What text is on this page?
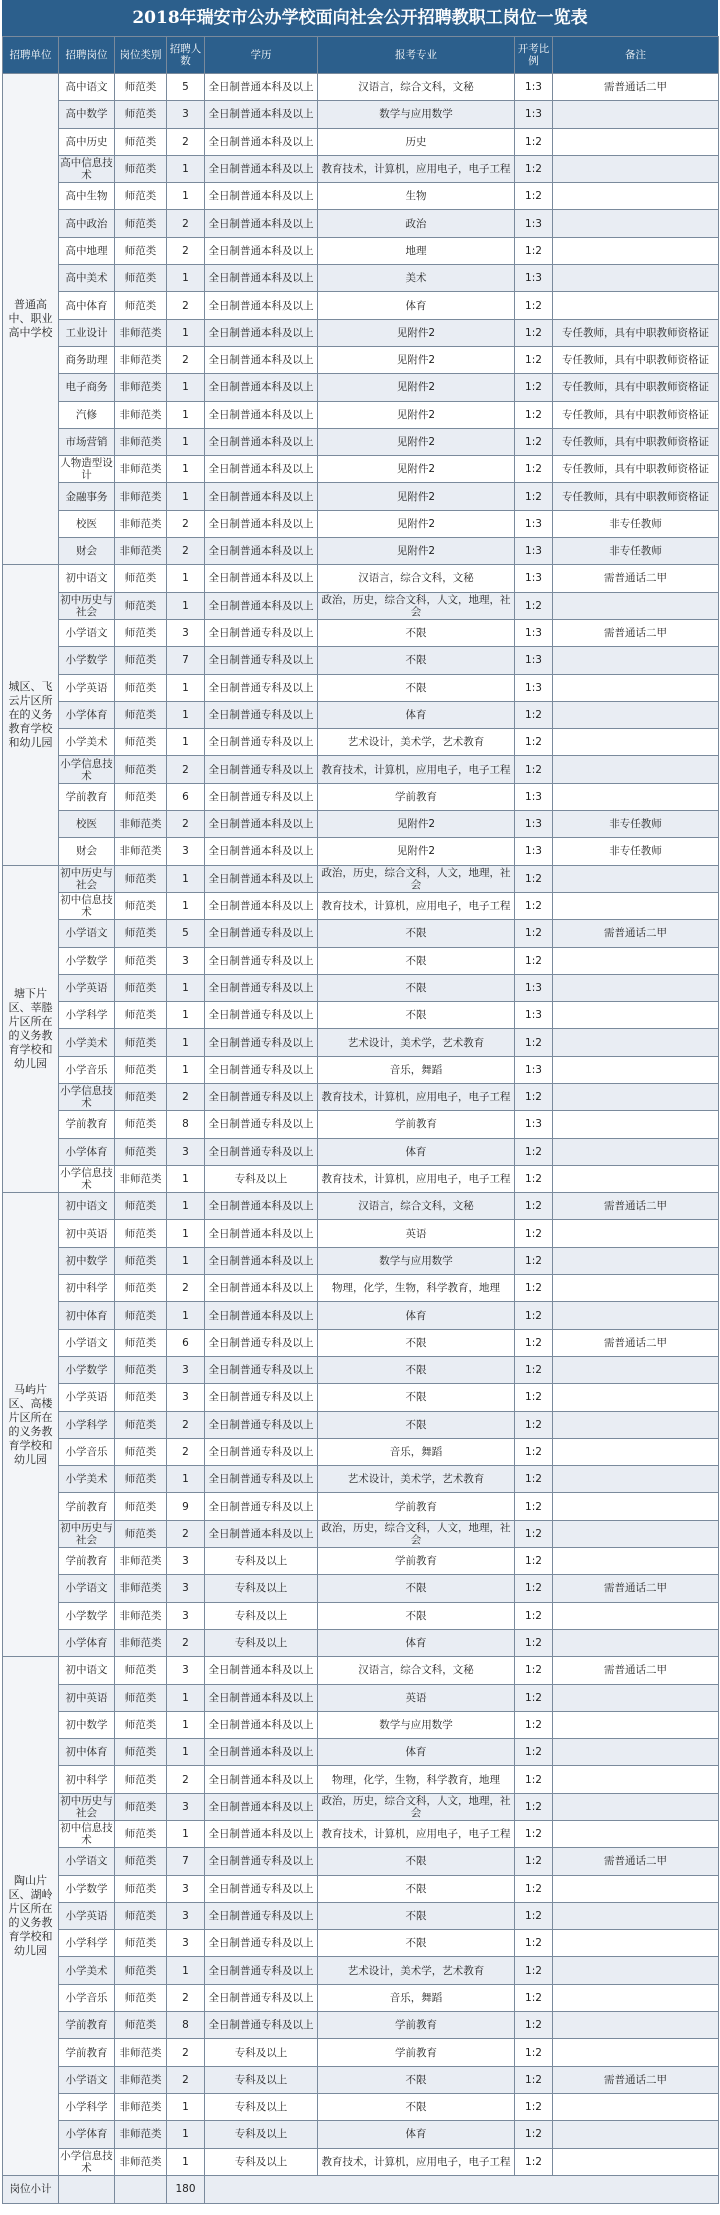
2018年瑞安市公办学校面向社会公开招聘教职工岗位一览表
招聘单位	招聘岗位	岗位类别	招聘人数	学历	报考专业	开考比例	备注
普通高中、职业高中学校	高中语文	师范类	5	全日制普通本科及以上	汉语言，综合文科，文秘	1:3	需普通话二甲
	高中数学	师范类	3	全日制普通本科及以上	数学与应用数学	1:3	
	高中历史	师范类	2	全日制普通本科及以上	历史	1:2	
	高中信息技术	师范类	1	全日制普通本科及以上	教育技术，计算机，应用电子，电子工程	1:2	
	高中生物	师范类	1	全日制普通本科及以上	生物	1:2	
	高中政治	师范类	2	全日制普通本科及以上	政治	1:3	
	高中地理	师范类	2	全日制普通本科及以上	地理	1:2	
	高中美术	师范类	1	全日制普通本科及以上	美术	1:3	
	高中体育	师范类	2	全日制普通本科及以上	体育	1:2	
	工业设计	非师范类	1	全日制普通本科及以上	见附件2	1:2	专任教师，具有中职教师资格证
	商务助理	非师范类	2	全日制普通本科及以上	见附件2	1:2	专任教师，具有中职教师资格证
	电子商务	非师范类	1	全日制普通本科及以上	见附件2	1:2	专任教师，具有中职教师资格证
	汽修	非师范类	1	全日制普通本科及以上	见附件2	1:2	专任教师，具有中职教师资格证
	市场营销	非师范类	1	全日制普通本科及以上	见附件2	1:2	专任教师，具有中职教师资格证
	人物造型设计	非师范类	1	全日制普通本科及以上	见附件2	1:2	专任教师，具有中职教师资格证
	金融事务	非师范类	1	全日制普通本科及以上	见附件2	1:2	专任教师，具有中职教师资格证
	校医	非师范类	2	全日制普通本科及以上	见附件2	1:3	非专任教师
	财会	非师范类	2	全日制普通本科及以上	见附件2	1:3	非专任教师
城区、飞云片区所在的义务教育学校和幼儿园	初中语文	师范类	1	全日制普通本科及以上	汉语言，综合文科，文秘	1:3	需普通话二甲
	初中历史与社会	师范类	1	全日制普通本科及以上	政治，历史，综合文科，人文，地理，社会	1:2	
	小学语文	师范类	3	全日制普通专科及以上	不限	1:3	需普通话二甲
	小学数学	师范类	7	全日制普通专科及以上	不限	1:3	
	小学英语	师范类	1	全日制普通专科及以上	不限	1:3	
	小学体育	师范类	1	全日制普通专科及以上	体育	1:2	
	小学美术	师范类	1	全日制普通专科及以上	艺术设计，美术学，艺术教育	1:2	
	小学信息技术	师范类	2	全日制普通专科及以上	教育技术，计算机，应用电子，电子工程	1:2	
	学前教育	师范类	6	全日制普通专科及以上	学前教育	1:3	
	校医	非师范类	2	全日制普通本科及以上	见附件2	1:3	非专任教师
	财会	非师范类	3	全日制普通本科及以上	见附件2	1:3	非专任教师
塘下片区、莘塍片区所在的义务教育学校和幼儿园	初中历史与社会	师范类	1	全日制普通本科及以上	政治，历史，综合文科，人文，地理，社会	1:2	
	初中信息技术	师范类	1	全日制普通本科及以上	教育技术，计算机，应用电子，电子工程	1:2	
	小学语文	师范类	5	全日制普通专科及以上	不限	1:2	需普通话二甲
	小学数学	师范类	3	全日制普通专科及以上	不限	1:2	
	小学英语	师范类	1	全日制普通专科及以上	不限	1:3	
	小学科学	师范类	1	全日制普通专科及以上	不限	1:3	
	小学美术	师范类	1	全日制普通专科及以上	艺术设计，美术学，艺术教育	1:2	
	小学音乐	师范类	1	全日制普通专科及以上	音乐，舞蹈	1:3	
	小学信息技术	师范类	2	全日制普通专科及以上	教育技术，计算机，应用电子，电子工程	1:2	
	学前教育	师范类	8	全日制普通专科及以上	学前教育	1:3	
	小学体育	师范类	3	全日制普通专科及以上	体育	1:2	
	小学信息技术	非师范类	1	专科及以上	教育技术，计算机，应用电子，电子工程	1:2	
马屿片区、高楼片区所在的义务教育学校和幼儿园	初中语文	师范类	1	全日制普通本科及以上	汉语言，综合文科，文秘	1:2	需普通话二甲
	初中英语	师范类	1	全日制普通本科及以上	英语	1:2	
	初中数学	师范类	1	全日制普通本科及以上	数学与应用数学	1:2	
	初中科学	师范类	2	全日制普通本科及以上	物理，化学，生物，科学教育，地理	1:2	
	初中体育	师范类	1	全日制普通本科及以上	体育	1:2	
	小学语文	师范类	6	全日制普通专科及以上	不限	1:2	需普通话二甲
	小学数学	师范类	3	全日制普通专科及以上	不限	1:2	
	小学英语	师范类	3	全日制普通专科及以上	不限	1:2	
	小学科学	师范类	2	全日制普通专科及以上	不限	1:2	
	小学音乐	师范类	2	全日制普通专科及以上	音乐，舞蹈	1:2	
	小学美术	师范类	1	全日制普通专科及以上	艺术设计，美术学，艺术教育	1:2	
	学前教育	师范类	9	全日制普通专科及以上	学前教育	1:2	
	初中历史与社会	师范类	2	全日制普通本科及以上	政治，历史，综合文科，人文，地理，社会	1:2	
	学前教育	非师范类	3	专科及以上	学前教育	1:2	
	小学语文	非师范类	3	专科及以上	不限	1:2	需普通话二甲
	小学数学	非师范类	3	专科及以上	不限	1:2	
	小学体育	非师范类	2	专科及以上	体育	1:2	
陶山片区、湖岭片区所在的义务教育学校和幼儿园	初中语文	师范类	3	全日制普通本科及以上	汉语言，综合文科，文秘	1:2	需普通话二甲
	初中英语	师范类	1	全日制普通本科及以上	英语	1:2	
	初中数学	师范类	1	全日制普通本科及以上	数学与应用数学	1:2	
	初中体育	师范类	1	全日制普通本科及以上	体育	1:2	
	初中科学	师范类	2	全日制普通本科及以上	物理，化学，生物，科学教育，地理	1:2	
	初中历史与社会	师范类	3	全日制普通本科及以上	政治，历史，综合文科，人文，地理，社会	1:2	
	初中信息技术	师范类	1	全日制普通本科及以上	教育技术，计算机，应用电子，电子工程	1:2	
	小学语文	师范类	7	全日制普通专科及以上	不限	1:2	需普通话二甲
	小学数学	师范类	3	全日制普通专科及以上	不限	1:2	
	小学英语	师范类	3	全日制普通专科及以上	不限	1:2	
	小学科学	师范类	3	全日制普通专科及以上	不限	1:2	
	小学美术	师范类	1	全日制普通专科及以上	艺术设计，美术学，艺术教育	1:2	
	小学音乐	师范类	2	全日制普通专科及以上	音乐，舞蹈	1:2	
	学前教育	师范类	8	全日制普通专科及以上	学前教育	1:2	
	学前教育	非师范类	2	专科及以上	学前教育	1:2	
	小学语文	非师范类	2	专科及以上	不限	1:2	需普通话二甲
	小学科学	非师范类	1	专科及以上	不限	1:2	
	小学体育	非师范类	1	专科及以上	体育	1:2	
	小学信息技术	非师范类	1	专科及以上	教育技术，计算机，应用电子，电子工程	1:2	
岗位小计			180				
